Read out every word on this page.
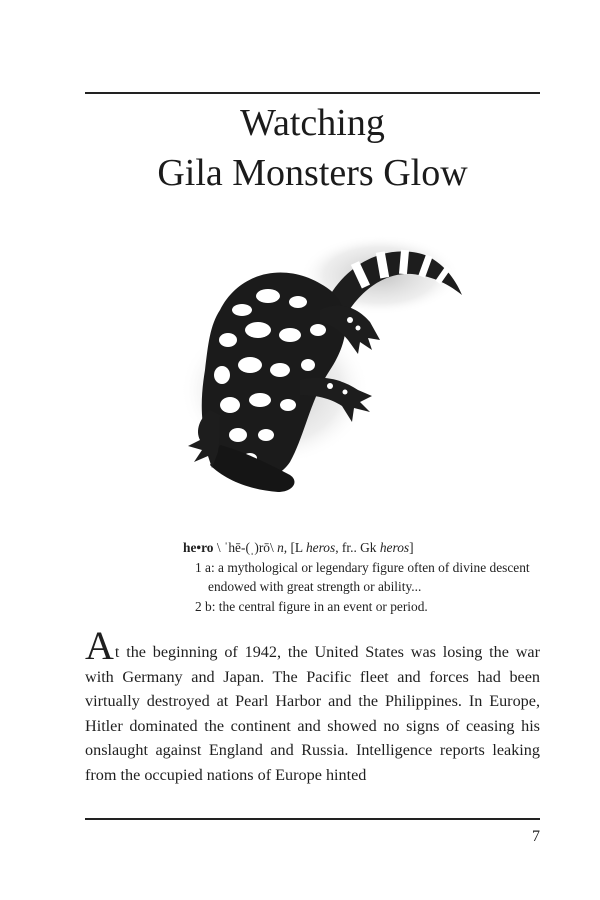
Watching
Gila Monsters Glow
he•ro \ ˈhē-(ˌ)rō\ n, [L heros, fr.. Gk heros]
1 a: a mythological or legendary figure often of divine descent
endowed with great strength or ability...
2 b: the central figure in an event or period.
At the beginning of 1942, the United States was losing the war with Germany and Japan. The Pacific fleet and forces had been virtually destroyed at Pearl Harbor and the Philippines. In Europe, Hitler dominated the continent and showed no signs of ceasing his onslaught against England and Russia. Intelligence reports leaking from the occupied nations of Europe hinted
7
